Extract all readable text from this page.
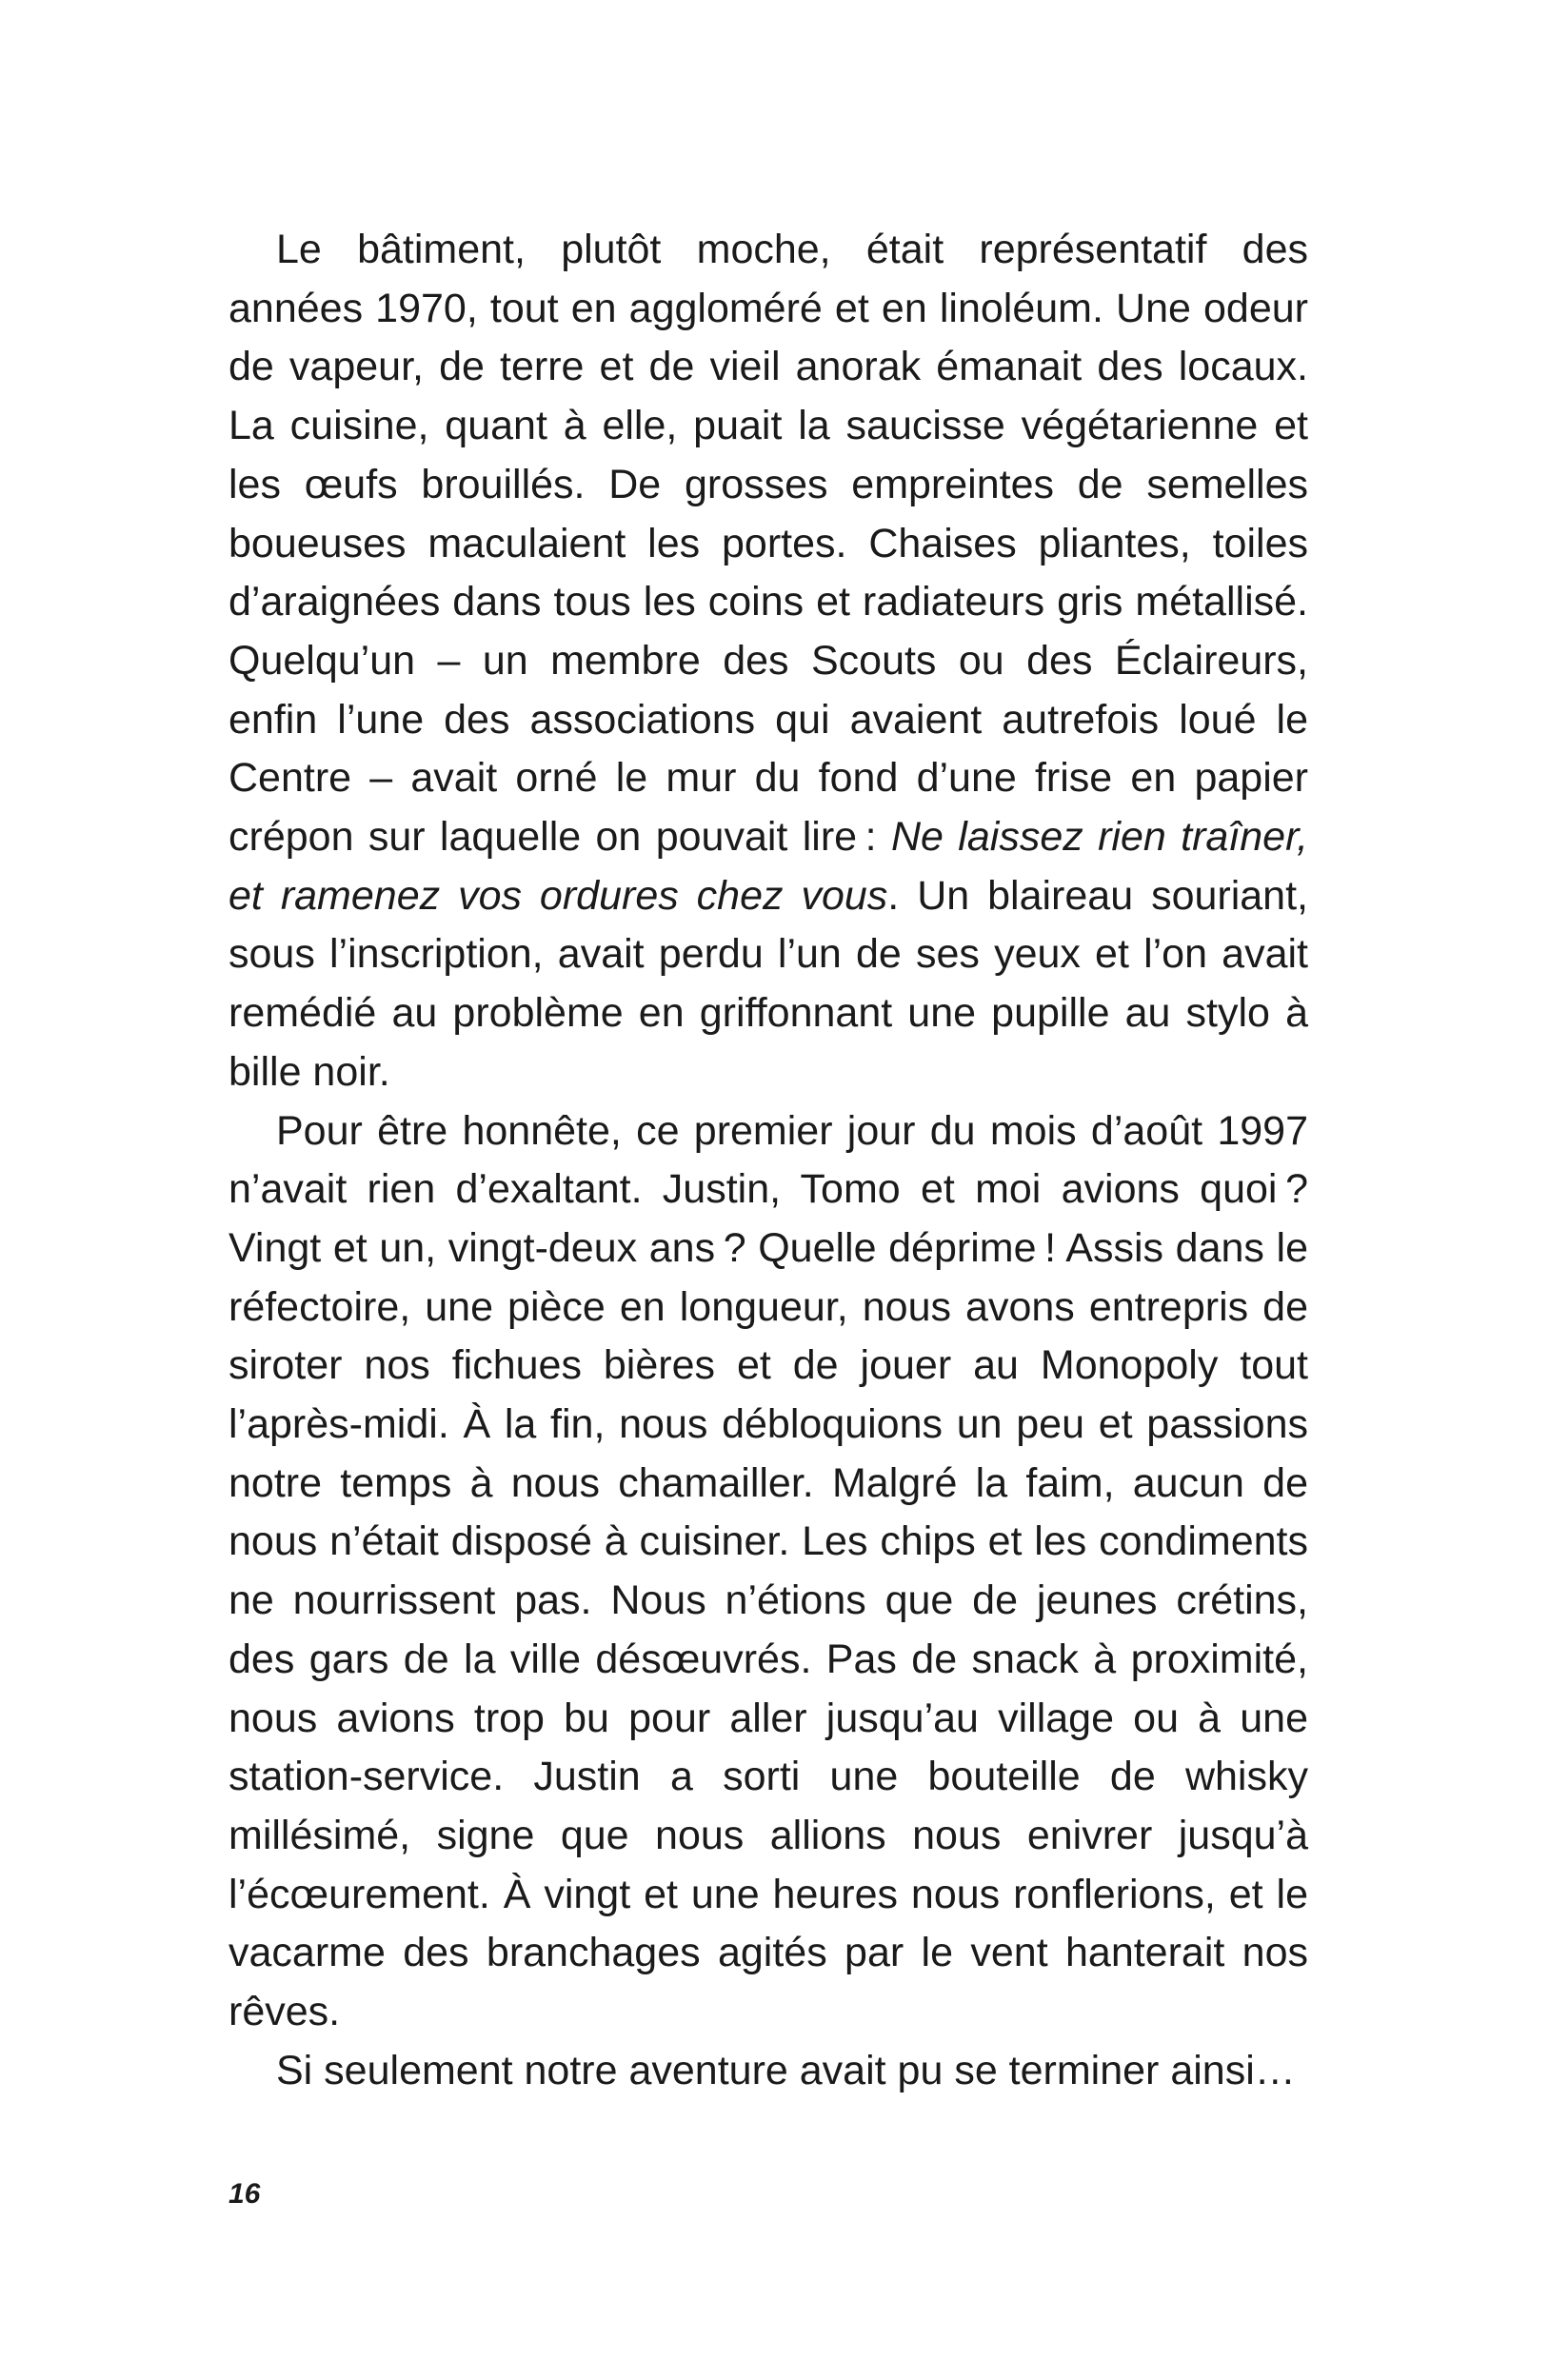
Le bâtiment, plutôt moche, était représentatif des années 1970, tout en aggloméré et en linoléum. Une odeur de vapeur, de terre et de vieil anorak émanait des locaux. La cuisine, quant à elle, puait la saucisse végétarienne et les œufs brouillés. De grosses empreintes de semelles boueuses maculaient les portes. Chaises pliantes, toiles d’araignées dans tous les coins et radiateurs gris métallisé. Quelqu’un – un membre des Scouts ou des Éclaireurs, enfin l’une des associations qui avaient autrefois loué le Centre – avait orné le mur du fond d’une frise en papier crépon sur laquelle on pouvait lire : Ne laissez rien traîner, et ramenez vos ordures chez vous. Un blaireau souriant, sous l’inscription, avait perdu l’un de ses yeux et l’on avait remédié au problème en griffonnant une pupille au stylo à bille noir.

Pour être honnête, ce premier jour du mois d’août 1997 n’avait rien d’exaltant. Justin, Tomo et moi avions quoi ? Vingt et un, vingt-deux ans ? Quelle déprime ! Assis dans le réfectoire, une pièce en longueur, nous avons entrepris de siroter nos fichues bières et de jouer au Monopoly tout l’après-midi. À la fin, nous débloquions un peu et passions notre temps à nous chamailler. Malgré la faim, aucun de nous n’était disposé à cuisiner. Les chips et les condiments ne nourrissent pas. Nous n’étions que de jeunes crétins, des gars de la ville désœuvrés. Pas de snack à proximité, nous avions trop bu pour aller jusqu’au village ou à une station-service. Justin a sorti une bouteille de whisky millésimé, signe que nous allions nous enivrer jusqu’à l’écœurement. À vingt et une heures nous ronflerions, et le vacarme des branchages agités par le vent hanterait nos rêves.

Si seulement notre aventure avait pu se terminer ainsi…

16
